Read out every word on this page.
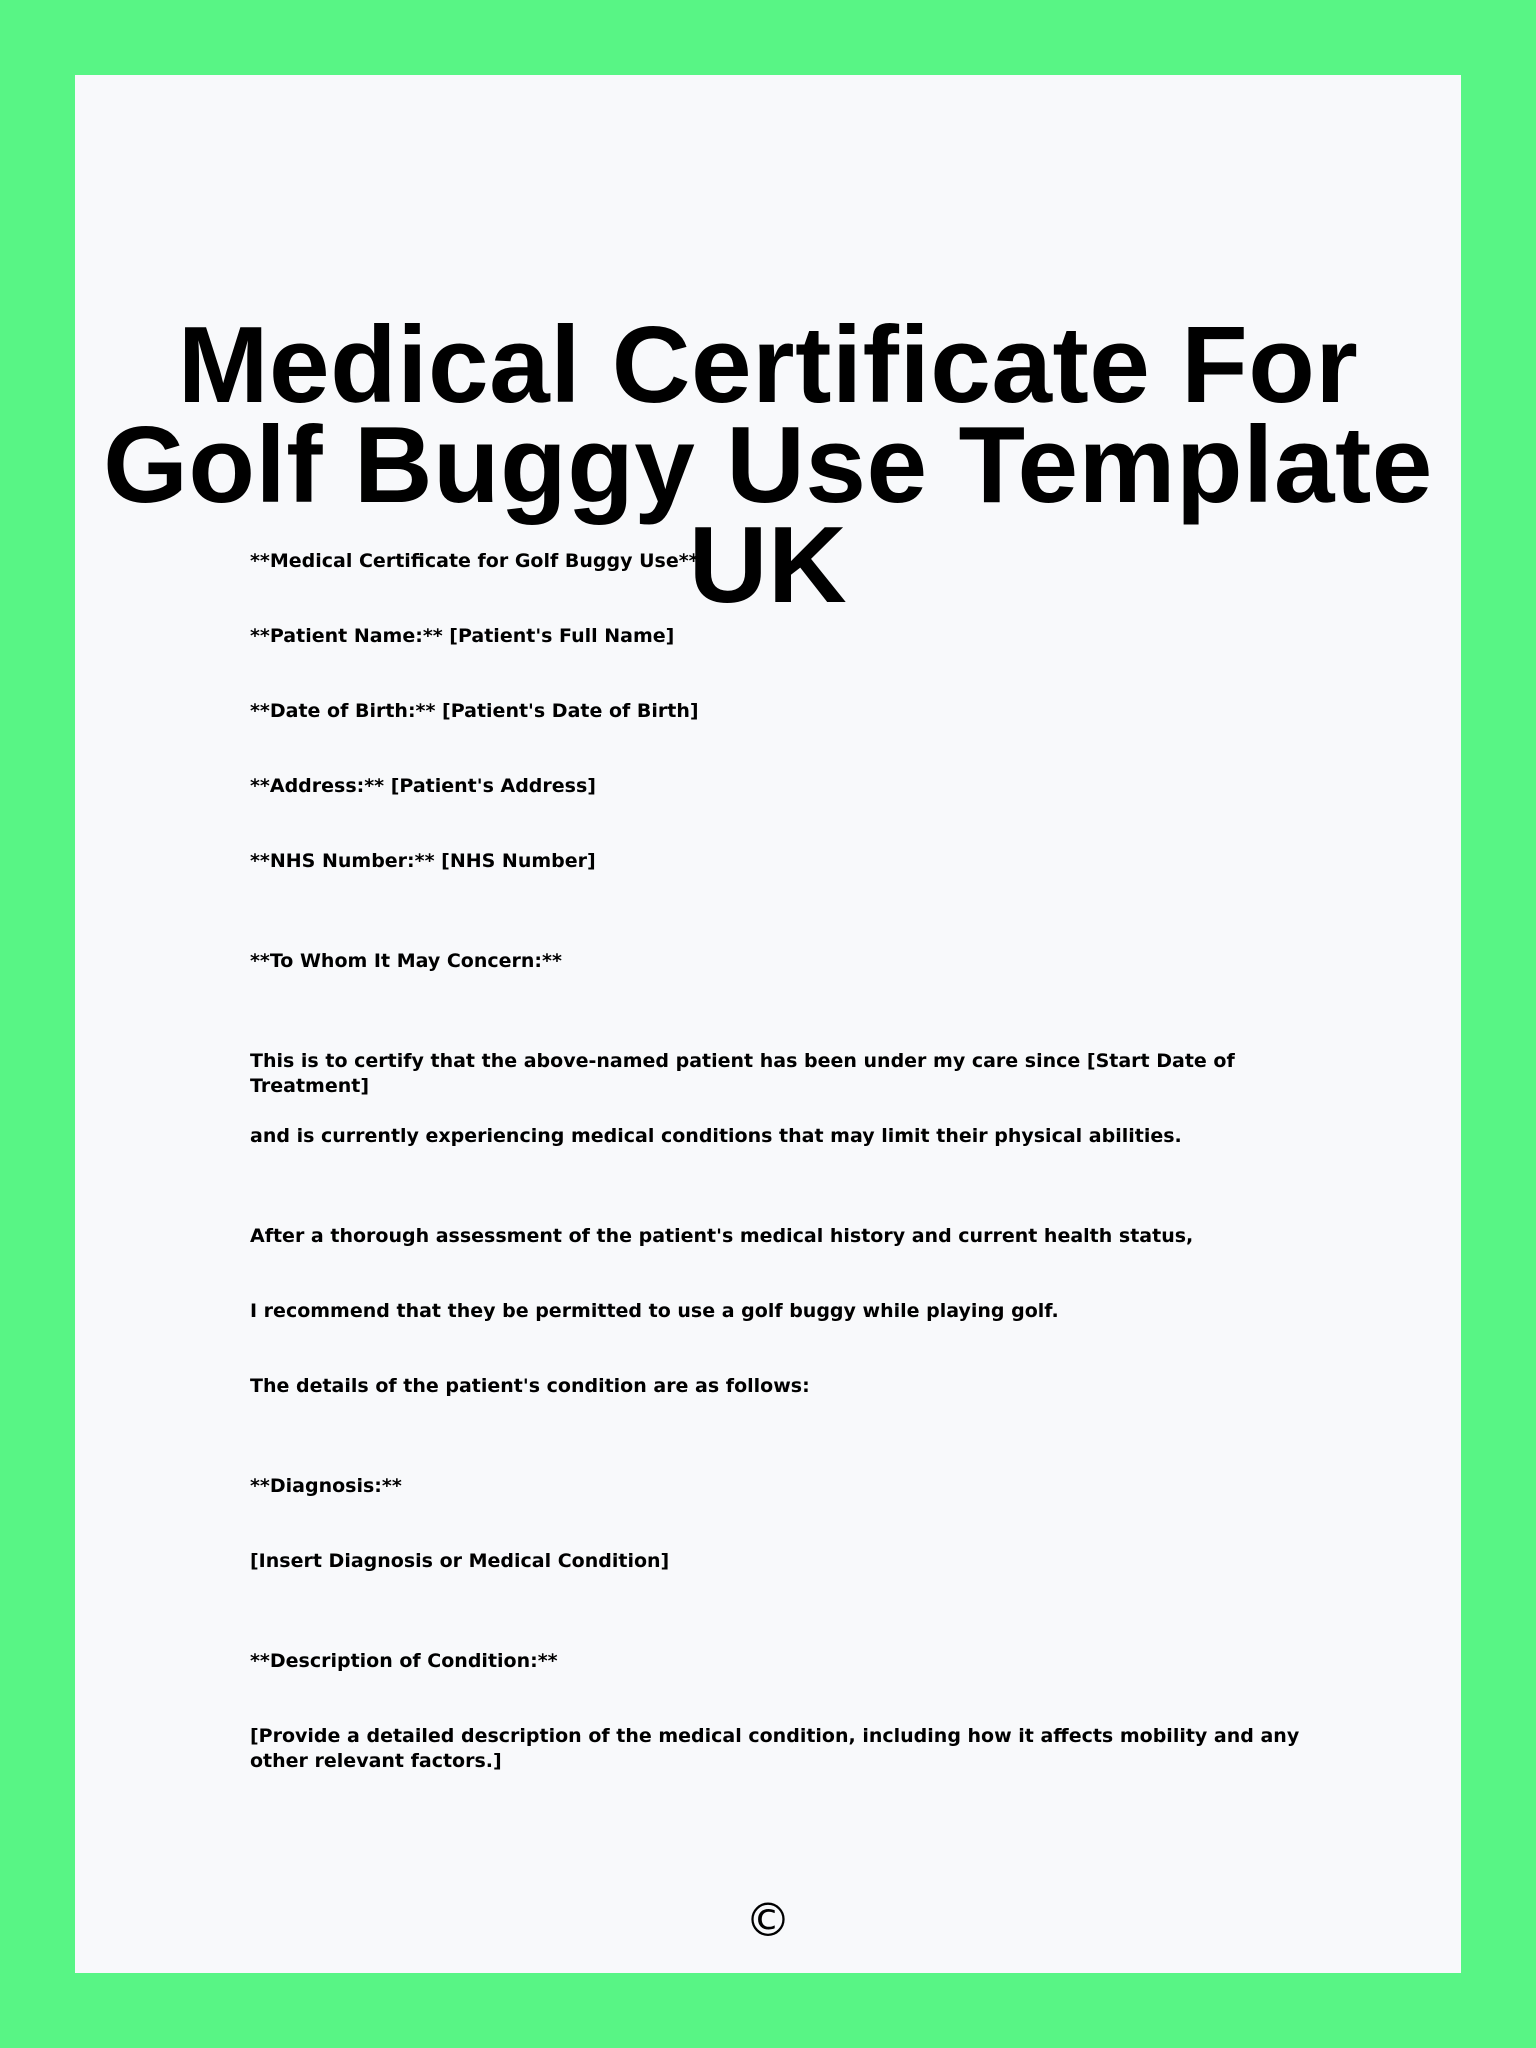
Medical Certificate For Golf Buggy Use Template UK

**Medical Certificate for Golf Buggy Use**

**Patient Name:** [Patient's Full Name]

**Date of Birth:** [Patient's Date of Birth]

**Address:** [Patient's Address]

**NHS Number:** [NHS Number]

**To Whom It May Concern:**

This is to certify that the above-named patient has been under my care since [Start Date of Treatment]

and is currently experiencing medical conditions that may limit their physical abilities.

After a thorough assessment of the patient's medical history and current health status,

I recommend that they be permitted to use a golf buggy while playing golf.

The details of the patient's condition are as follows:

**Diagnosis:**

[Insert Diagnosis or Medical Condition]

**Description of Condition:**

[Provide a detailed description of the medical condition, including how it affects mobility and any other relevant factors.]

©
